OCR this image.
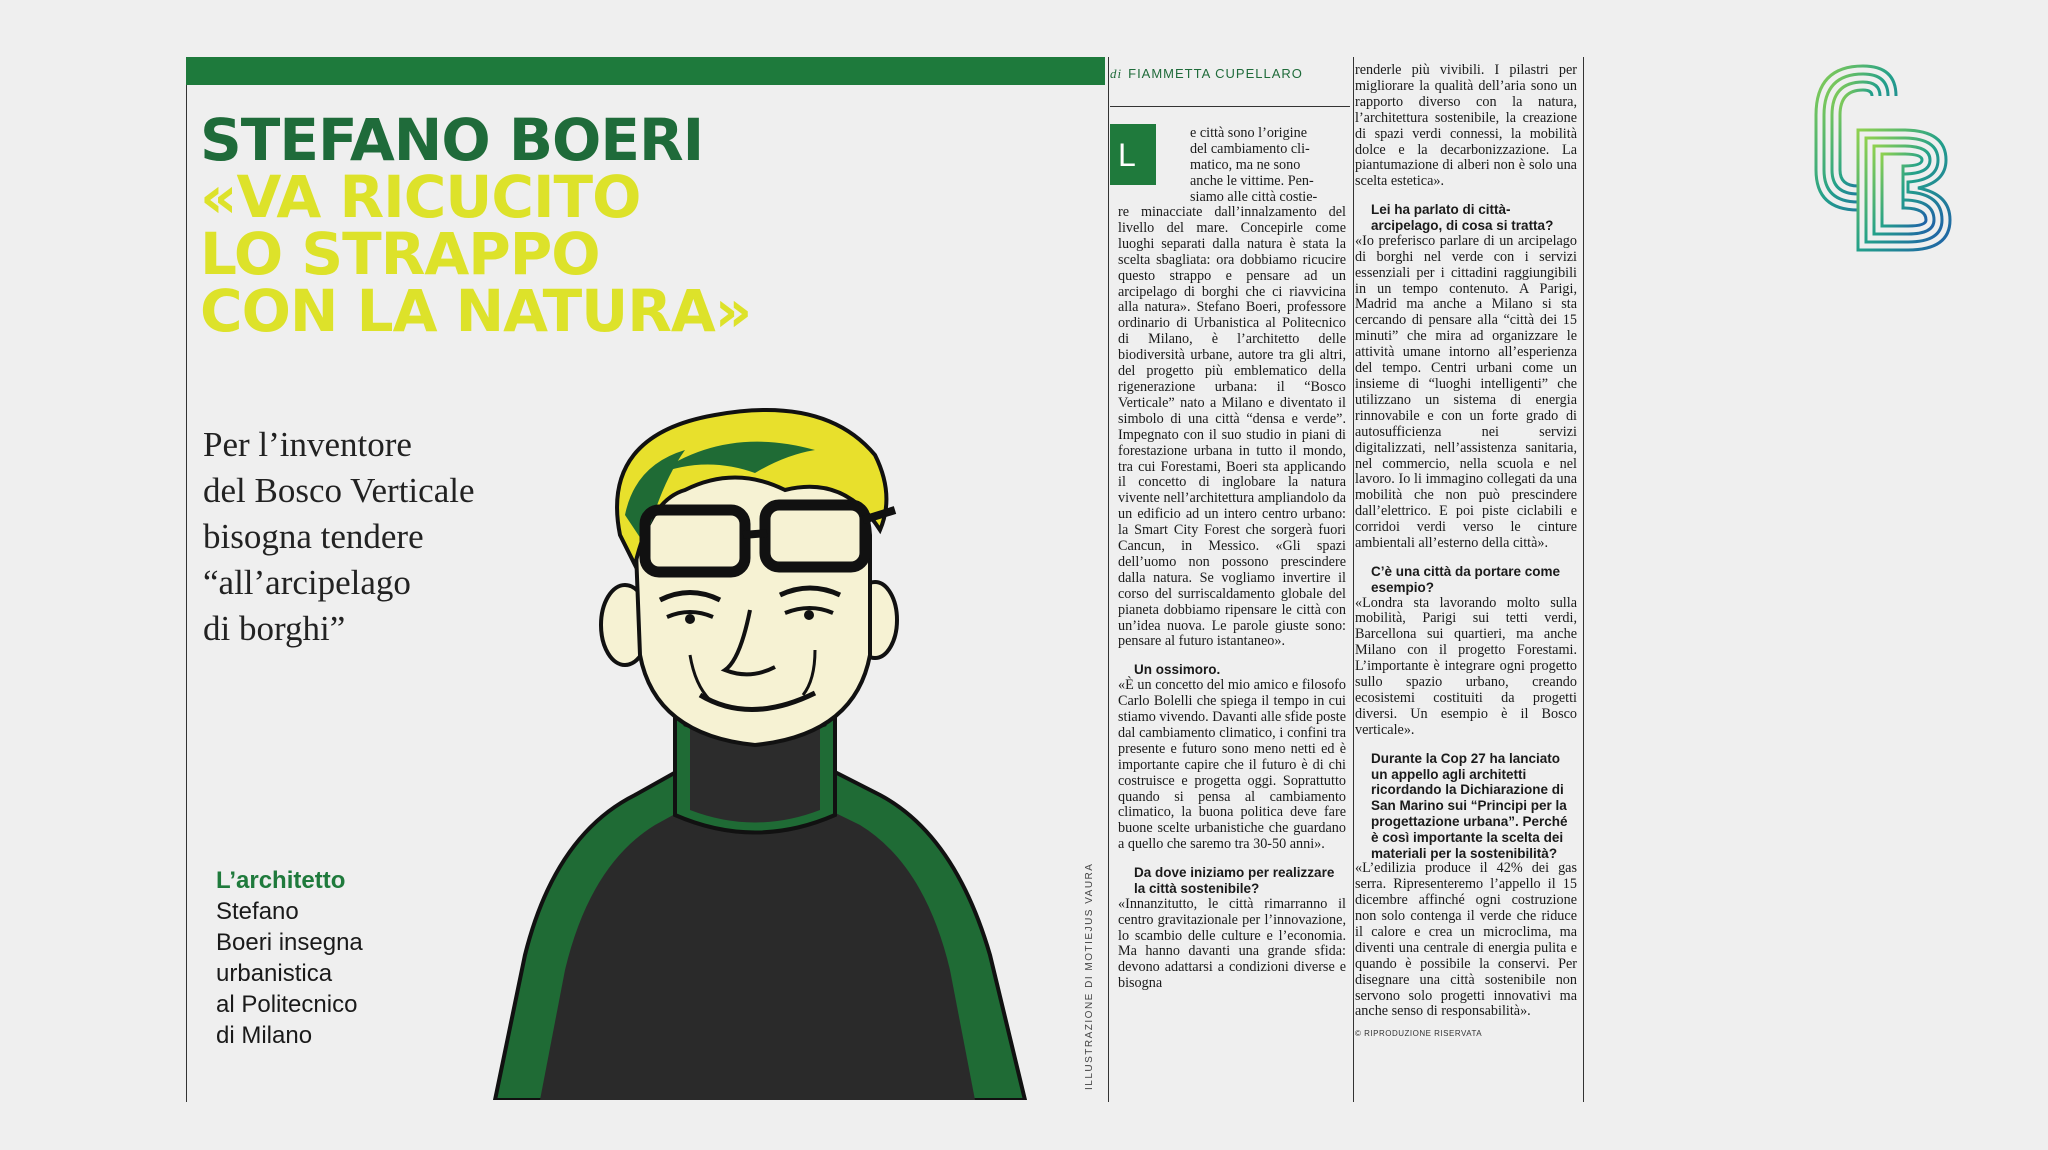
STEFANO BOERI
«VA RICUCITO
LO STRAPPO
CON LA NATURA»
Per l’inventore
del Bosco Verticale
bisogna tendere
“all’arcipelago
di borghi”
L’architetto
Stefano
Boeri insegna
urbanistica
al Politecnico
di Milano	ILLUSTRAZIONE DI MOTIEJUS VAURA
di FIAMMETTA CUPELLARO
L
e città sono l’origine
del cambiamento cli-
matico, ma ne sono
anche le vittime. Pen-
siamo alle città costie-

re minacciate dall’innalzamento del livello del mare. Concepirle come luoghi separati dalla natura è stata la scelta sbagliata: ora dobbiamo ricucire questo strappo e pensare ad un arcipelago di borghi che ci riavvicina alla natura». Stefano Boeri, professore ordinario di Urbanistica al Politecnico di Milano, è l’architetto delle biodiversità urbane, autore tra gli altri, del progetto più emblematico della rigenerazione urbana: il “Bosco Verticale” nato a Milano e diventato il simbolo di una città “densa e verde”. Impegnato con il suo studio in piani di forestazione urbana in tutto il mondo, tra cui Forestami, Boeri sta applicando il concetto di inglobare la natura vivente nell’architettura ampliandolo da un edificio ad un intero centro urbano: la Smart City Forest che sorgerà fuori Cancun, in Messico. «Gli spazi dell’uomo non possono prescindere dalla natura. Se vogliamo invertire il corso del surriscaldamento globale del pianeta dobbiamo ripensare le città con un’idea nuova. Le parole giuste sono: pensare al futuro istantaneo».

Un ossimoro.

«È un concetto del mio amico e filosofo Carlo Bolelli che spiega il tempo in cui stiamo vivendo. Davanti alle sfide poste dal cambiamento climatico, i confini tra presente e futuro sono meno netti ed è importante capire che il futuro è di chi costruisce e progetta oggi. Soprattutto quando si pensa al cambiamento climatico, la buona politica deve fare buone scelte urbanistiche che guardano a quello che saremo tra 30-50 anni».

Da dove iniziamo per realizzare la città sostenibile?

«Innanzitutto, le città rimarranno il centro gravitazionale per l’innovazione, lo scambio delle culture e l’economia. Ma hanno davanti una grande sfida: devono adattarsi a condizioni diverse e bisogna

renderle più vivibili. I pilastri per migliorare la qualità dell’aria sono un rapporto diverso con la natura, l’architettura sostenibile, la creazione di spazi verdi connessi, la mobilità dolce e la decarbonizzazione. La piantumazione di alberi non è solo una scelta estetica».

Lei ha parlato di città-arcipelago, di cosa si tratta?

«Io preferisco parlare di un arcipelago di borghi nel verde con i servizi essenziali per i cittadini raggiungibili in un tempo contenuto. A Parigi, Madrid ma anche a Milano si sta cercando di pensare alla “città dei 15 minuti” che mira ad organizzare le attività umane intorno all’esperienza del tempo. Centri urbani come un insieme di “luoghi intelligenti” che utilizzano un sistema di energia rinnovabile e con un forte grado di autosufficienza nei servizi digitalizzati, nell’assistenza sanitaria, nel commercio, nella scuola e nel lavoro. Io li immagino collegati da una mobilità che non può prescindere dall’elettrico. E poi piste ciclabili e corridoi verdi verso le cinture ambientali all’esterno della città».

C’è una città da portare come esempio?

«Londra sta lavorando molto sulla mobilità, Parigi sui tetti verdi, Barcellona sui quartieri, ma anche Milano con il progetto Forestami. L’importante è integrare ogni progetto sullo spazio urbano, creando ecosistemi costituiti da progetti diversi. Un esempio è il Bosco verticale».

Durante la Cop 27 ha lanciato un appello agli architetti ricordando la Dichiarazione di San Marino sui “Principi per la progettazione urbana”. Perché è così importante la scelta dei materiali per la sostenibilità?

«L’edilizia produce il 42% dei gas serra. Ripresenteremo l’appello il 15 dicembre affinché ogni costruzione non solo contenga il verde che riduce il calore e crea un microclima, ma diventi una centrale di energia pulita e quando è possibile la conservi. Per disegnare una città sostenibile non servono solo progetti innovativi ma anche senso di responsabilità».

© RIPRODUZIONE RISERVATA
